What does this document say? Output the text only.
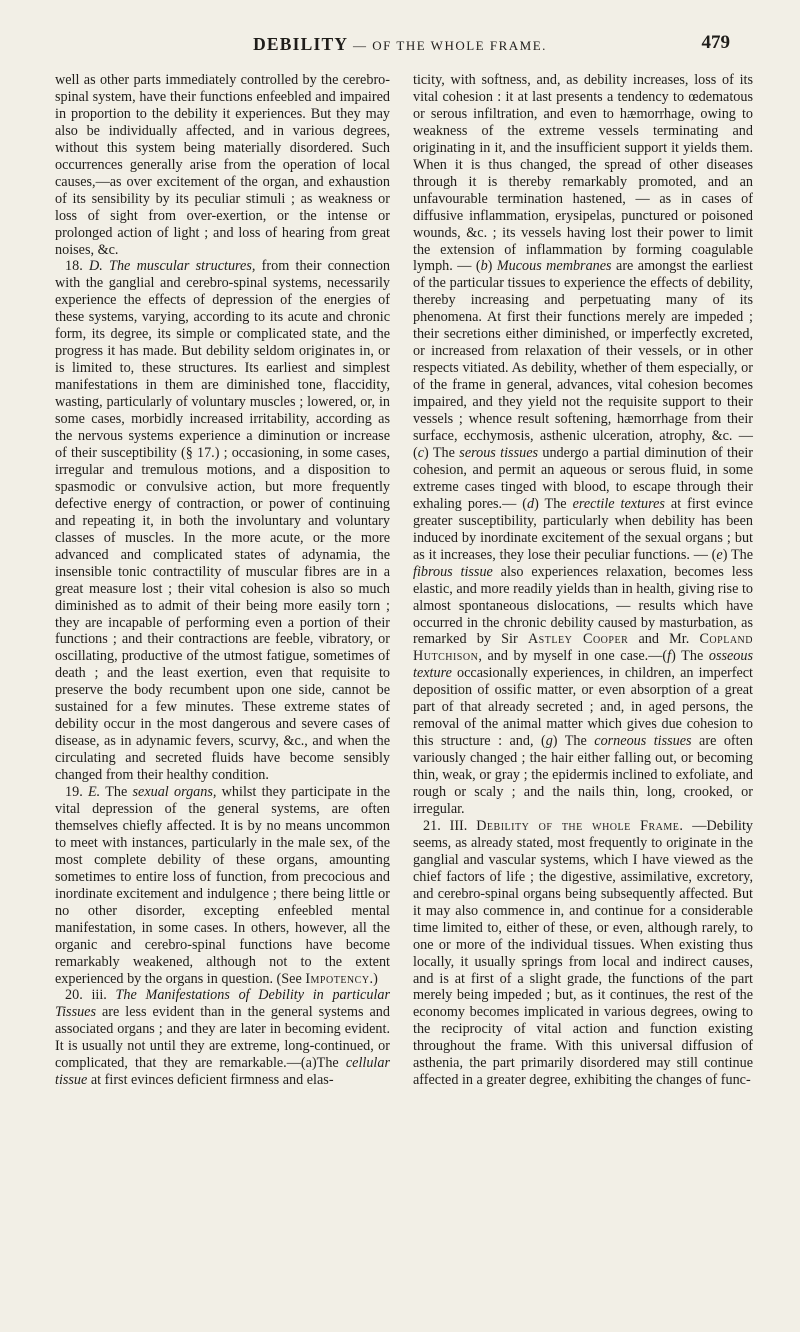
DEBILITY — OF THE WHOLE FRAME.	479

well as other parts immediately controlled by the cerebro-spinal system, have their functions enfeebled and impaired in proportion to the debility it experiences. But they may also be individually affected, and in various degrees, without this system being materially disordered. Such occurrences generally arise from the operation of local causes,—as over excitement of the organ, and exhaustion of its sensibility by its peculiar stimuli ; as weakness or loss of sight from over-exertion, or the intense or prolonged action of light ; and loss of hearing from great noises, &c.

18. D. The muscular structures, from their connection with the ganglial and cerebro-spinal systems, necessarily experience the effects of depression of the energies of these systems, varying, according to its acute and chronic form, its degree, its simple or complicated state, and the progress it has made. But debility seldom originates in, or is limited to, these structures. Its earliest and simplest manifestations in them are diminished tone, flaccidity, wasting, particularly of voluntary muscles ; lowered, or, in some cases, morbidly increased irritability, according as the nervous systems experience a diminution or increase of their susceptibility (§ 17.) ; occasioning, in some cases, irregular and tremulous motions, and a disposition to spasmodic or convulsive action, but more frequently defective energy of contraction, or power of continuing and repeating it, in both the involuntary and voluntary classes of muscles. In the more acute, or the more advanced and complicated states of adynamia, the insensible tonic contractility of muscular fibres are in a great measure lost ; their vital cohesion is also so much diminished as to admit of their being more easily torn ; they are incapable of performing even a portion of their functions ; and their contractions are feeble, vibratory, or oscillating, productive of the utmost fatigue, sometimes of death ; and the least exertion, even that requisite to preserve the body recumbent upon one side, cannot be sustained for a few minutes. These extreme states of debility occur in the most dangerous and severe cases of disease, as in adynamic fevers, scurvy, &c., and when the circulating and secreted fluids have become sensibly changed from their healthy condition.

19. E. The sexual organs, whilst they participate in the vital depression of the general systems, are often themselves chiefly affected. It is by no means uncommon to meet with instances, particularly in the male sex, of the most complete debility of these organs, amounting sometimes to entire loss of function, from precocious and inordinate excitement and indulgence ; there being little or no other disorder, excepting enfeebled mental manifestation, in some cases. In others, however, all the organic and cerebro-spinal functions have become remarkably weakened, although not to the extent experienced by the organs in question. (See Impotency.)

20. iii. The Manifestations of Debility in particular Tissues are less evident than in the general systems and associated organs ; and they are later in becoming evident. It is usually not until they are extreme, long-continued, or complicated, that they are remarkable.—(a)The cellular tissue at first evinces deficient firmness and elas-

ticity, with softness, and, as debility increases, loss of its vital cohesion : it at last presents a tendency to œdematous or serous infiltration, and even to hæmorrhage, owing to weakness of the extreme vessels terminating and originating in it, and the insufficient support it yields them. When it is thus changed, the spread of other diseases through it is thereby remarkably promoted, and an unfavourable termination hastened, — as in cases of diffusive inflammation, erysipelas, punctured or poisoned wounds, &c. ; its vessels having lost their power to limit the extension of inflammation by forming coagulable lymph. — (b) Mucous membranes are amongst the earliest of the particular tissues to experience the effects of debility, thereby increasing and perpetuating many of its phenomena. At first their functions merely are impeded ; their secretions either diminished, or imperfectly excreted, or increased from relaxation of their vessels, or in other respects vitiated. As debility, whether of them especially, or of the frame in general, advances, vital cohesion becomes impaired, and they yield not the requisite support to their vessels ; whence result softening, hæmorrhage from their surface, ecchymosis, asthenic ulceration, atrophy, &c. — (c) The serous tissues undergo a partial diminution of their cohesion, and permit an aqueous or serous fluid, in some extreme cases tinged with blood, to escape through their exhaling pores.— (d) The erectile textures at first evince greater susceptibility, particularly when debility has been induced by inordinate excitement of the sexual organs ; but as it increases, they lose their peculiar functions. — (e) The fibrous tissue also experiences relaxation, becomes less elastic, and more readily yields than in health, giving rise to almost spontaneous dislocations, — results which have occurred in the chronic debility caused by masturbation, as remarked by Sir Astley Cooper and Mr. Copland Hutchison, and by myself in one case.—(f) The osseous texture occasionally experiences, in children, an imperfect deposition of ossific matter, or even absorption of a great part of that already secreted ; and, in aged persons, the removal of the animal matter which gives due cohesion to this structure : and, (g) The corneous tissues are often variously changed ; the hair either falling out, or becoming thin, weak, or gray ; the epidermis inclined to exfoliate, and rough or scaly ; and the nails thin, long, crooked, or irregular.

21. III. Debility of the whole Frame. —Debility seems, as already stated, most frequently to originate in the ganglial and vascular systems, which I have viewed as the chief factors of life ; the digestive, assimilative, excretory, and cerebro-spinal organs being subsequently affected. But it may also commence in, and continue for a considerable time limited to, either of these, or even, although rarely, to one or more of the individual tissues. When existing thus locally, it usually springs from local and indirect causes, and is at first of a slight grade, the functions of the part merely being impeded ; but, as it continues, the rest of the economy becomes implicated in various degrees, owing to the reciprocity of vital action and function existing throughout the frame. With this universal diffusion of asthenia, the part primarily disordered may still continue affected in a greater degree, exhibiting the changes of func-
